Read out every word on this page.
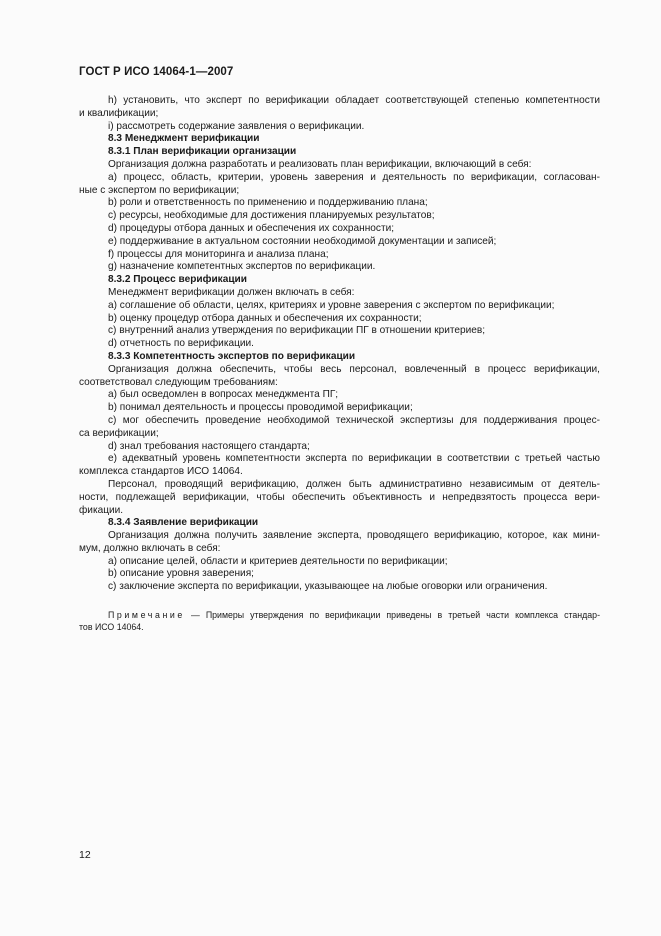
ГОСТ Р ИСО 14064-1—2007
h) установить, что эксперт по верификации обладает соответствующей степенью компетентности
и квалификации;
i) рассмотреть содержание заявления о верификации.
8.3 Менеджмент верификации
8.3.1 План верификации организации
Организация должна разработать и реализовать план верификации, включающий в себя:
a) процесс, область, критерии, уровень заверения и деятельность по верификации, согласован-
ные с экспертом по верификации;
b) роли и ответственность по применению и поддерживанию плана;
c) ресурсы, необходимые для достижения планируемых результатов;
d) процедуры отбора данных и обеспечения их сохранности;
e) поддерживание в актуальном состоянии необходимой документации и записей;
f) процессы для мониторинга и анализа плана;
g) назначение компетентных экспертов по верификации.
8.3.2 Процесс верификации
Менеджмент верификации должен включать в себя:
a) соглашение об области, целях, критериях и уровне заверения с экспертом по верификации;
b) оценку процедур отбора данных и обеспечения их сохранности;
c) внутренний анализ утверждения по верификации ПГ в отношении критериев;
d) отчетность по верификации.
8.3.3 Компетентность экспертов по верификации
Организация должна обеспечить, чтобы весь персонал, вовлеченный в процесс верификации,
соответствовал следующим требованиям:
a) был осведомлен в вопросах менеджмента ПГ;
b) понимал деятельность и процессы проводимой верификации;
c) мог обеспечить проведение необходимой технической экспертизы для поддерживания процес-
са верификации;
d) знал требования настоящего стандарта;
e) адекватный уровень компетентности эксперта по верификации в соответствии с третьей частью
комплекса стандартов ИСО 14064.
Персонал, проводящий верификацию, должен быть административно независимым от деятель-
ности, подлежащей верификации, чтобы обеспечить объективность и непредвзятость процесса вери-
фикации.
8.3.4 Заявление верификации
Организация должна получить заявление эксперта, проводящего верификацию, которое, как мини-
мум, должно включать в себя:
a) описание целей, области и критериев деятельности по верификации;
b) описание уровня заверения;
c) заключение эксперта по верификации, указывающее на любые оговорки или ограничения.
Примечание — Примеры утверждения по верификации приведены в третьей части комплекса стандар-
тов ИСО 14064.
12
